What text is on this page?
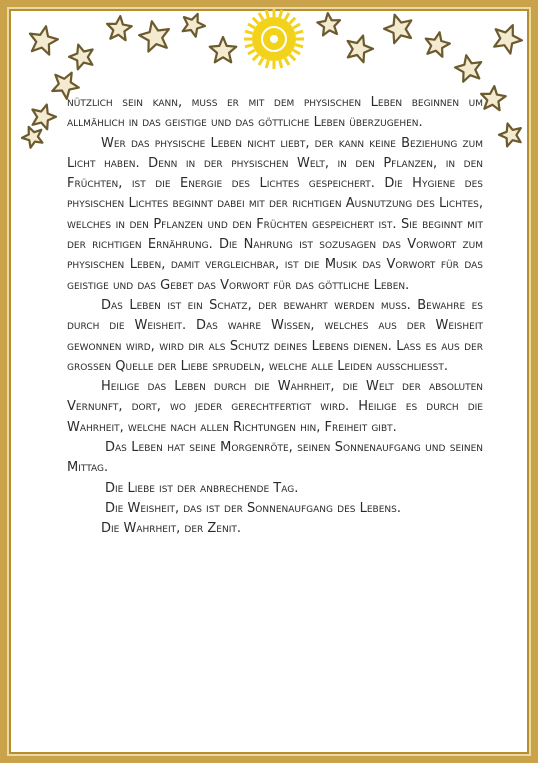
nützlich sein kann, muss er mit dem physischen Leben beginnen um allmählich in das geistige und das göttliche Leben überzugehen.

Wer das physische Leben nicht liebt, der kann keine Beziehung zum Licht haben. Denn in der physischen Welt, in den Pflanzen, in den Früchten, ist die Energie des Lichtes gespeichert. Die Hygiene des physischen Lichtes beginnt dabei mit der richtigen Ausnutzung des Lichtes, welches in den Pflanzen und den Früchten gespeichert ist. Sie beginnt mit der richtigen Ernährung. Die Nahrung ist sozusagen das Vorwort zum physischen Leben, damit vergleichbar, ist die Musik das Vorwort für das geistige und das Gebet das Vorwort für das göttliche Leben.

Das Leben ist ein Schatz, der bewahrt werden muss. Bewahre es durch die Weisheit. Das wahre Wissen, welches aus der Weisheit gewonnen wird, wird dir als Schutz deines Lebens dienen. Lass es aus der grossen Quelle der Liebe sprudeln, welche alle Leiden ausschliesst.

Heilige das Leben durch die Wahrheit, die Welt der absoluten Vernunft, dort, wo jeder gerechtfertigt wird. Heilige es durch die Wahrheit, welche nach allen Richtungen hin, Freiheit gibt.

Das Leben hat seine Morgenröte, seinen Sonnenaufgang und seinen Mittag.

Die Liebe ist der anbrechende Tag.

Die Weisheit, das ist der Sonnenaufgang des Lebens.

Die Wahrheit, der Zenit.
